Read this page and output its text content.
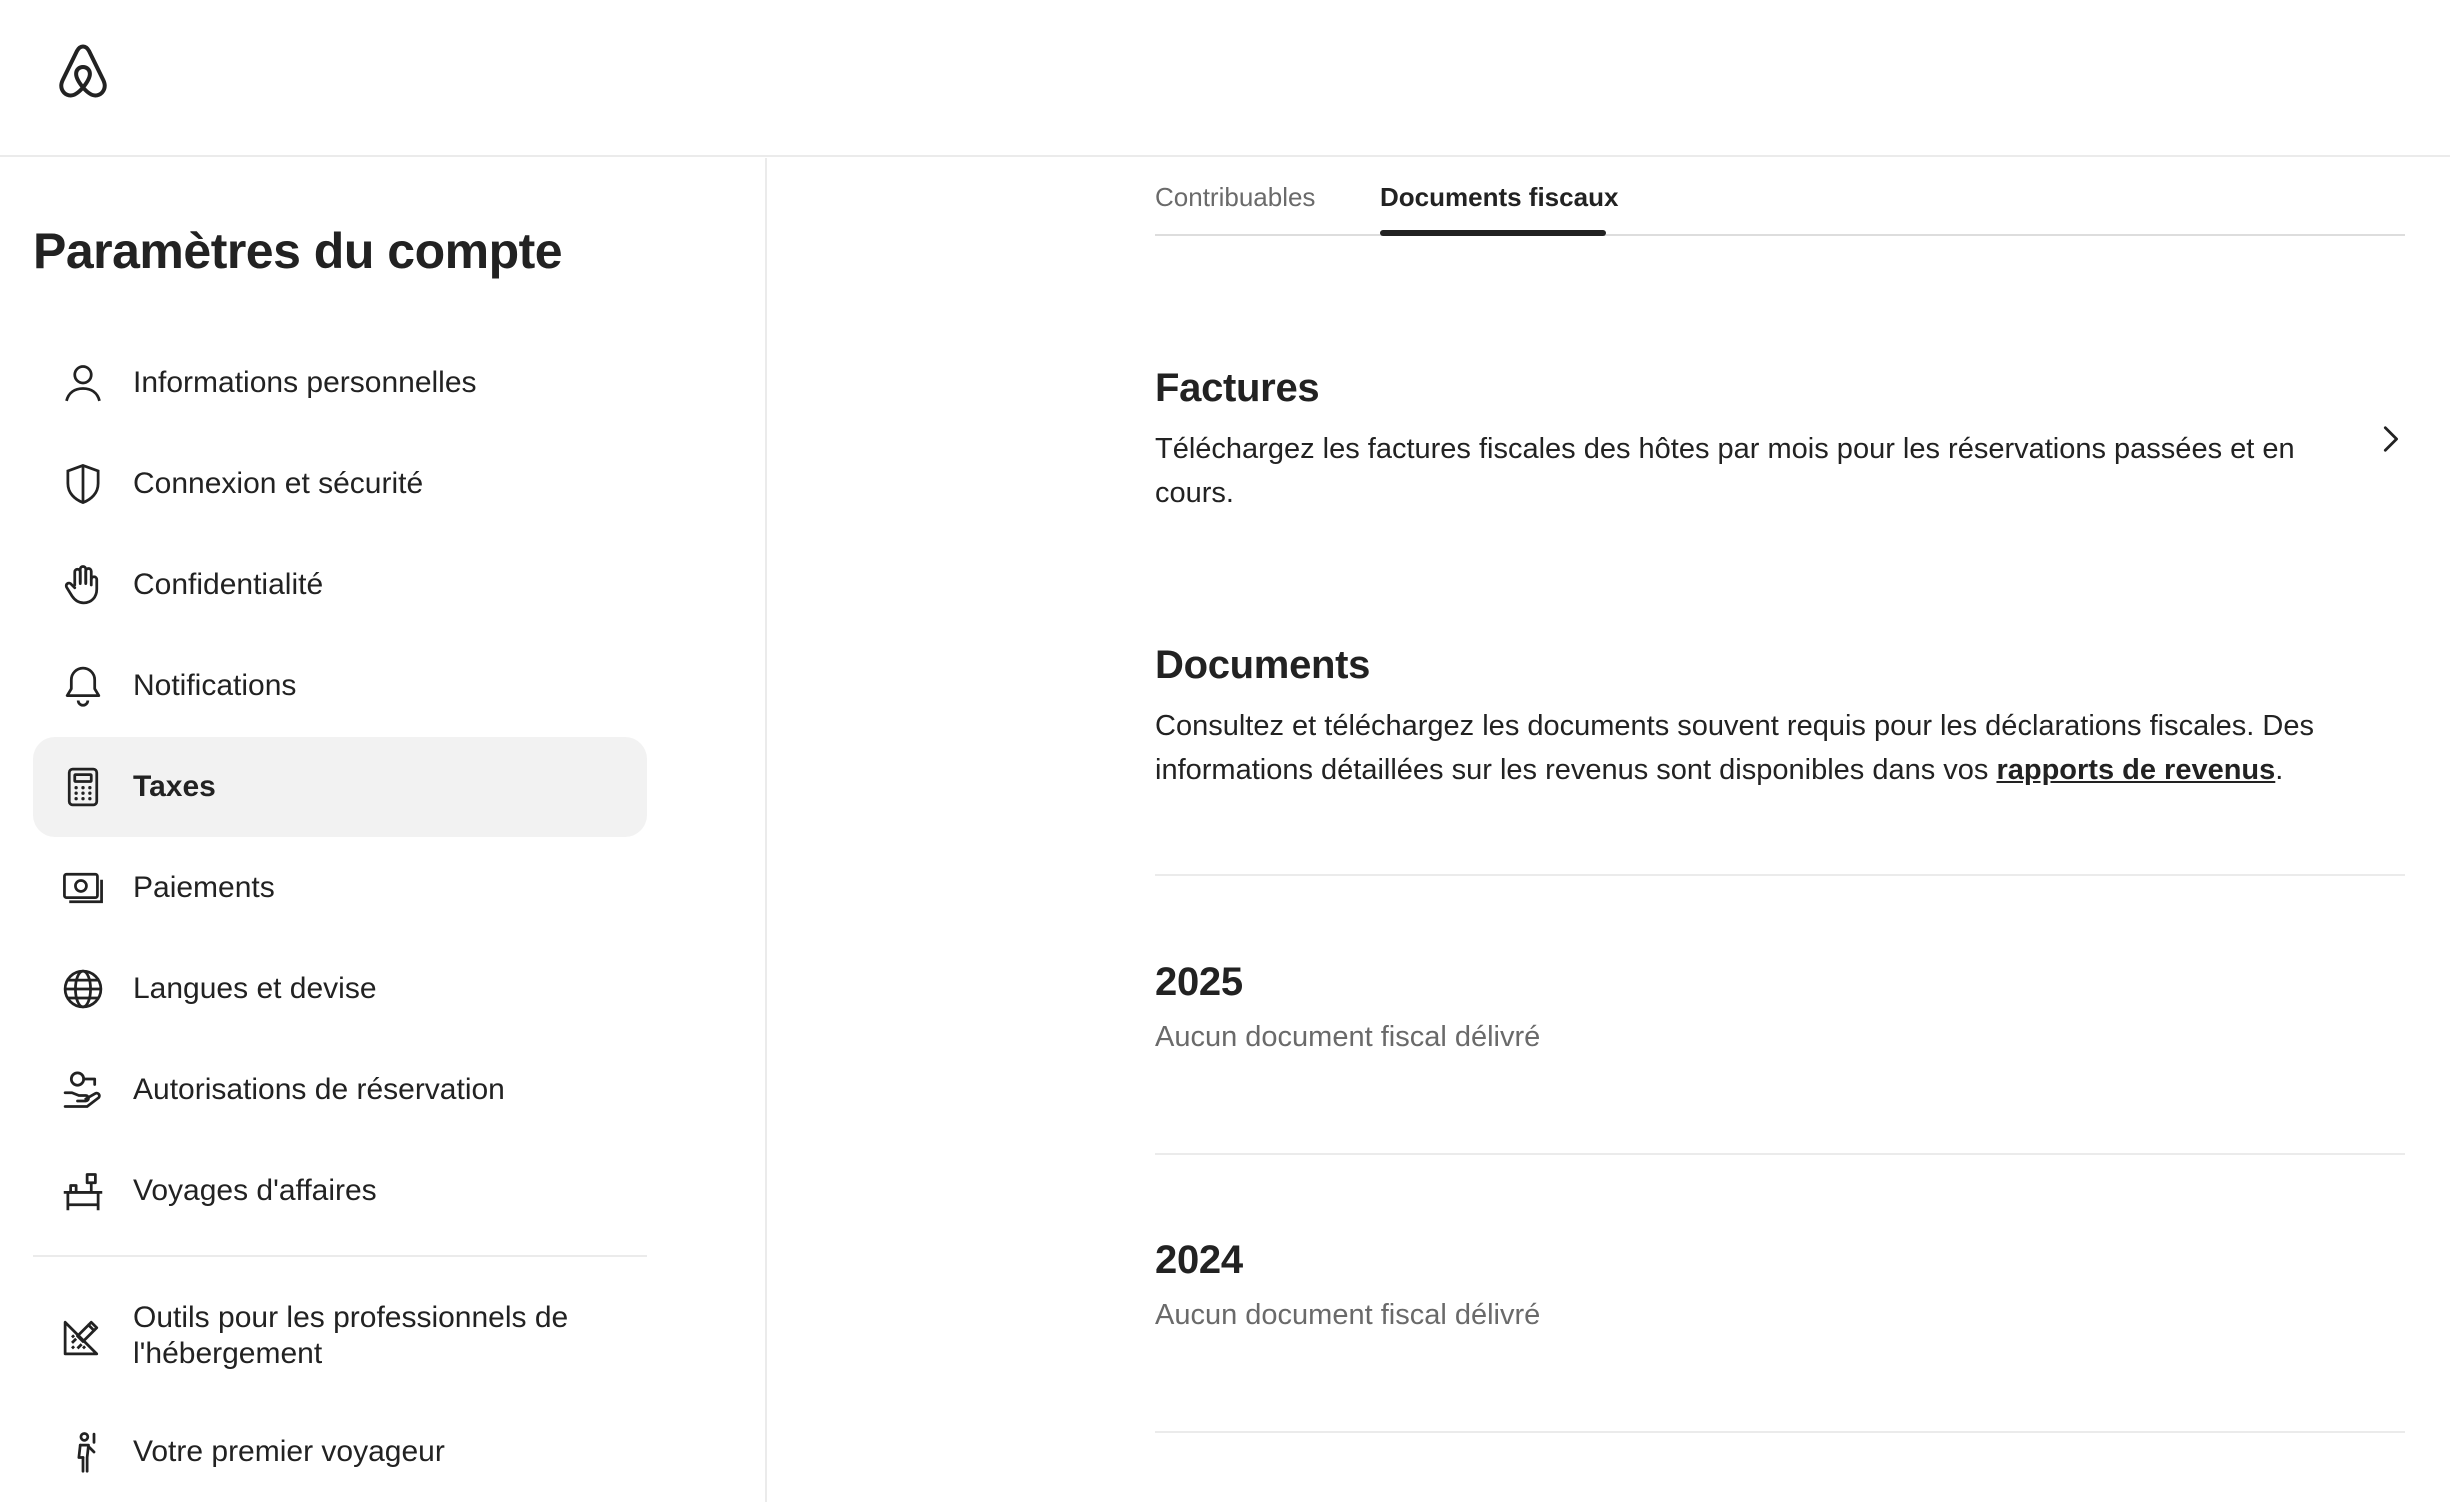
Paramètres du compte
Informations personnelles
Connexion et sécurité
Confidentialité
Notifications
Taxes
Paiements
Langues et devise
Autorisations de réservation
Voyages d'affaires
Outils pour les professionnels de l'hébergement
Votre premier voyageur
Contribuables Documents fiscaux
Factures
Téléchargez les factures fiscales des hôtes par mois pour les réservations passées et en cours.
Documents
Consultez et téléchargez les documents souvent requis pour les déclarations fiscales. Des informations détaillées sur les revenus sont disponibles dans vos rapports de revenus.
2025
Aucun document fiscal délivré
2024
Aucun document fiscal délivré
